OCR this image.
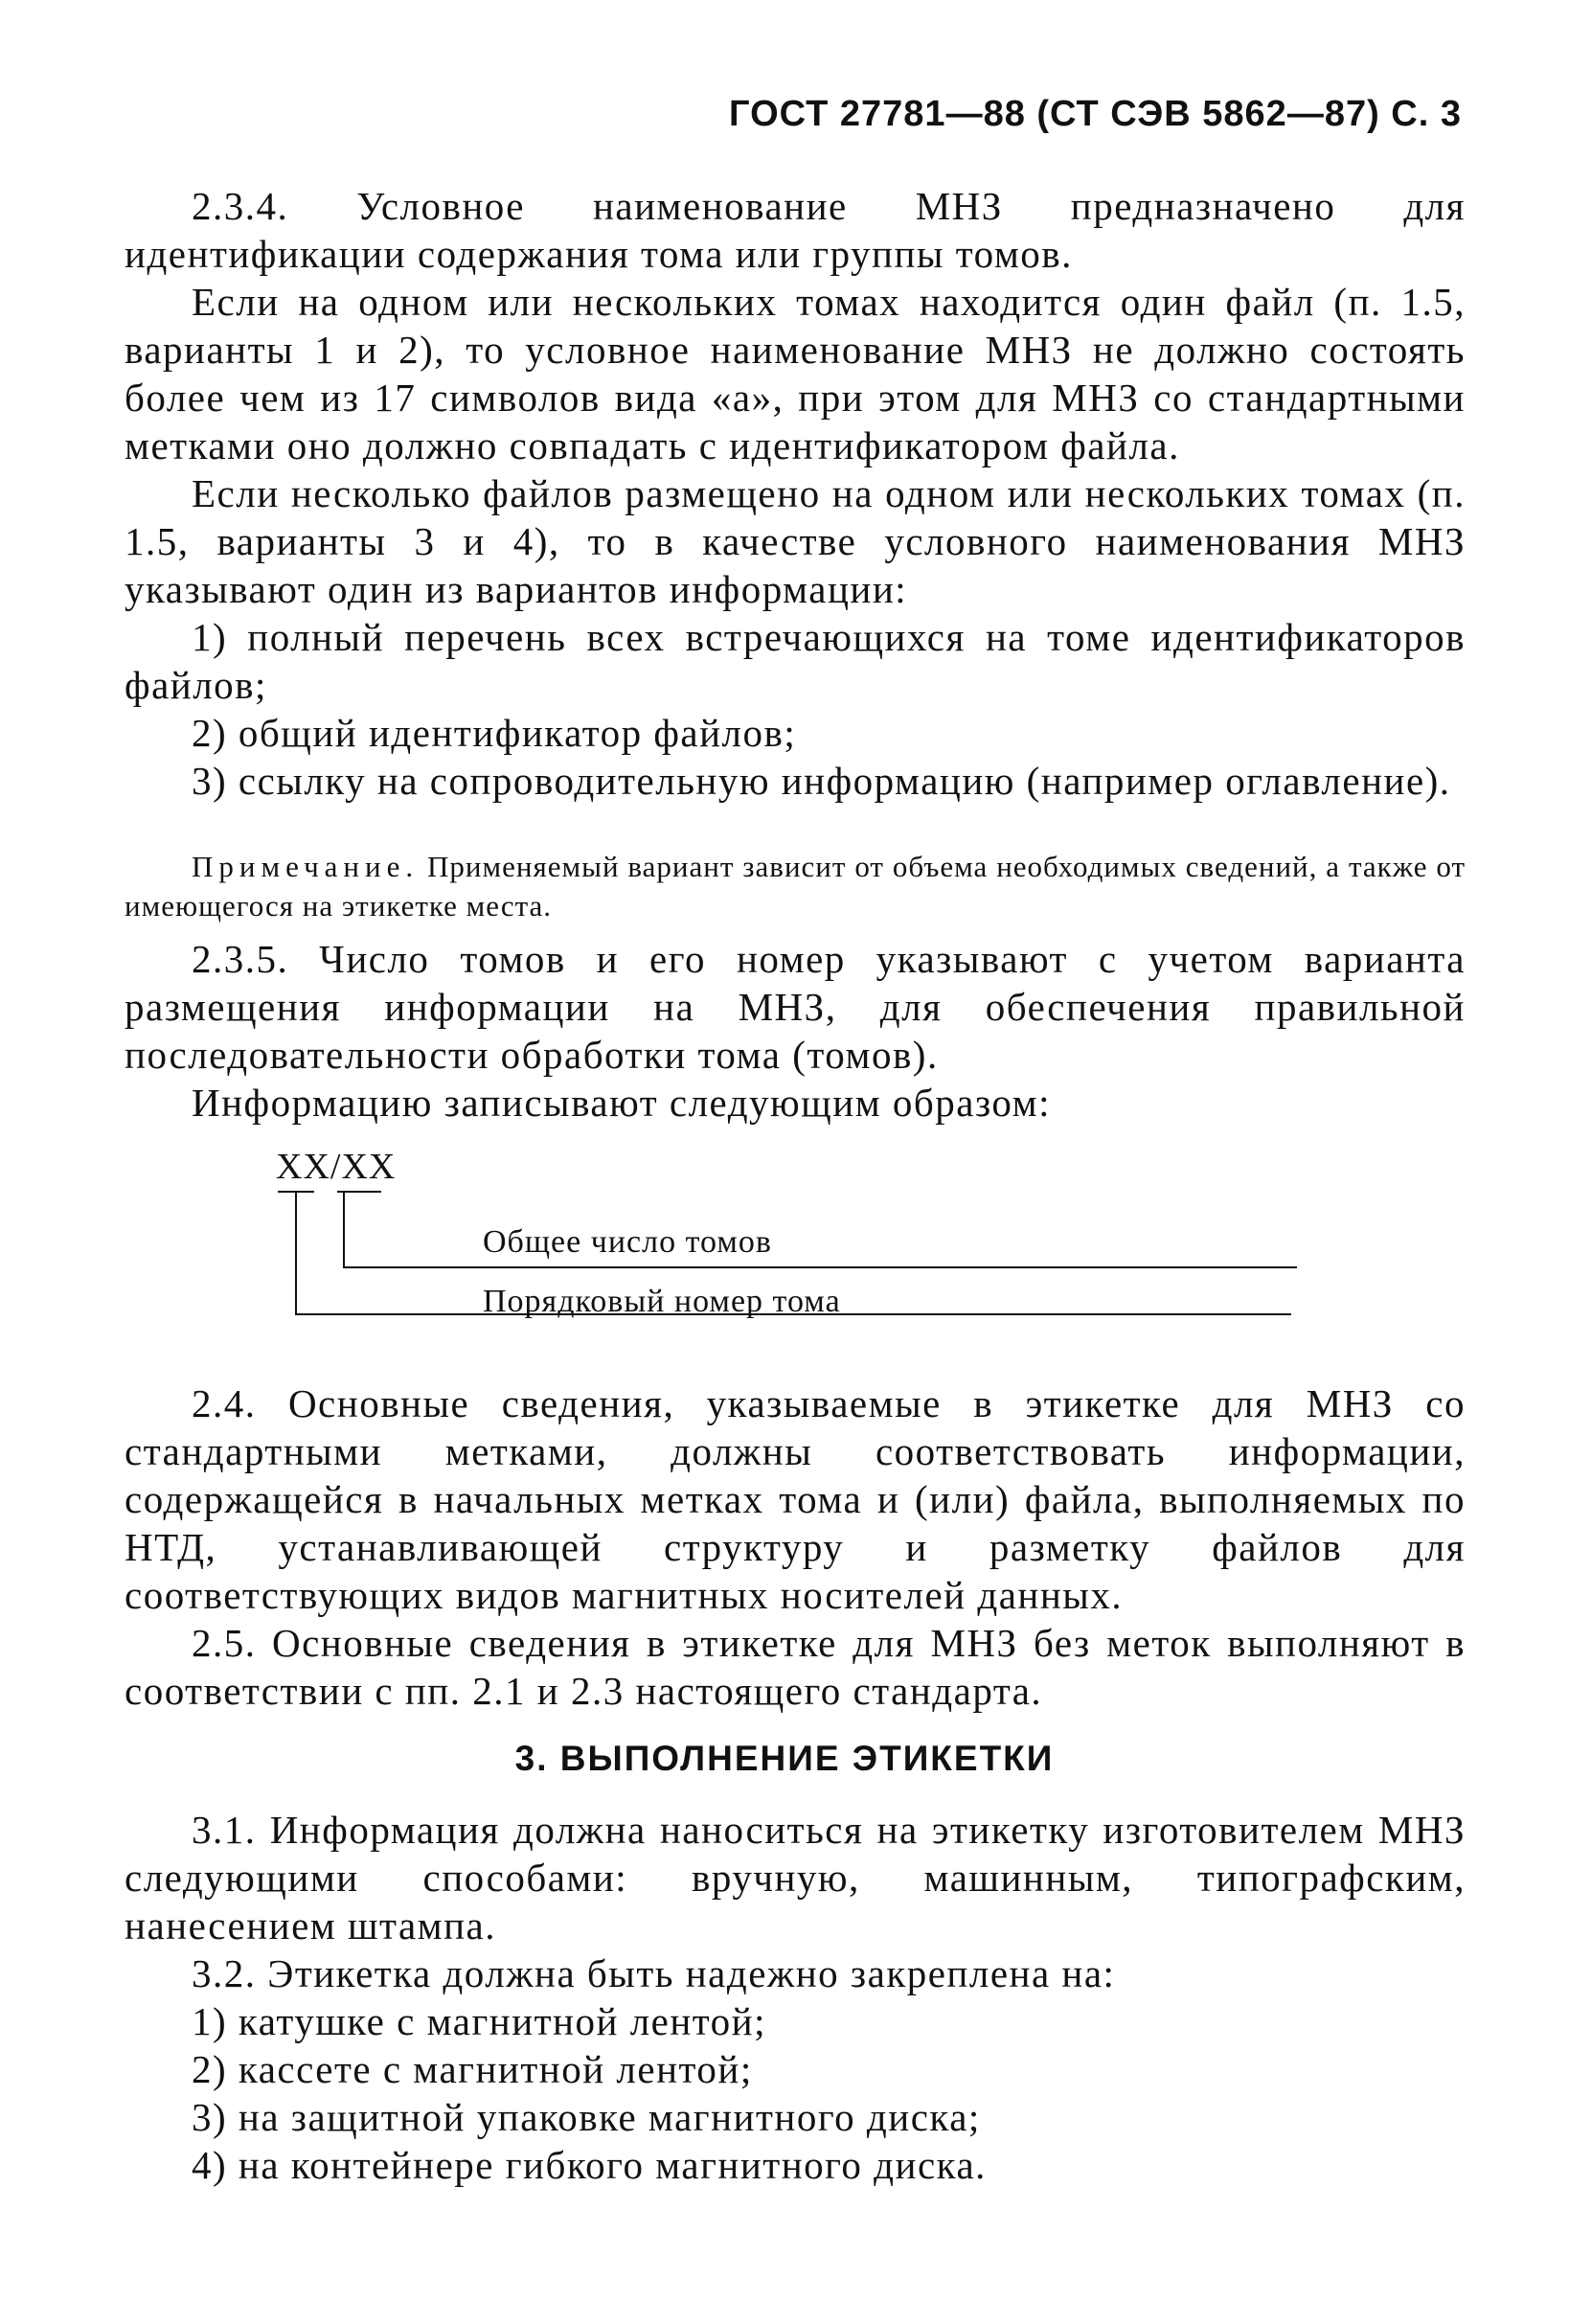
ГОСТ 27781—88 (СТ СЭВ 5862—87) С. 3

2.3.4. Условное наименование МНЗ предназначено для идентификации содержания тома или группы томов.

Если на одном или нескольких томах находится один файл (п. 1.5, варианты 1 и 2), то условное наименование МНЗ не должно состоять более чем из 17 символов вида «а», при этом для МНЗ со стандартными метками оно должно совпадать с идентификатором файла.

Если несколько файлов размещено на одном или нескольких томах (п. 1.5, варианты 3 и 4), то в качестве условного наименования МНЗ указывают один из вариантов информации:

1) полный перечень всех встречающихся на томе идентификаторов файлов;

2) общий идентификатор файлов;

3) ссылку на сопроводительную информацию (например оглавление).

Примечание. Применяемый вариант зависит от объема необходимых сведений, а также от имеющегося на этикетке места.

2.3.5. Число томов и его номер указывают с учетом варианта размещения информации на МНЗ, для обеспечения правильной последовательности обработки тома (томов).

Информацию записывают следующим образом:

XX/XX
Общее число томов
Порядковый номер тома

2.4. Основные сведения, указываемые в этикетке для МНЗ со стандартными метками, должны соответствовать информации, содержащейся в начальных метках тома и (или) файла, выполняемых по НТД, устанавливающей структуру и разметку файлов для соответствующих видов магнитных носителей данных.

2.5. Основные сведения в этикетке для МНЗ без меток выполняют в соответствии с пп. 2.1 и 2.3 настоящего стандарта.

3. ВЫПОЛНЕНИЕ ЭТИКЕТКИ

3.1. Информация должна наноситься на этикетку изготовителем МНЗ следующими способами: вручную, машинным, типографским, нанесением штампа.

3.2. Этикетка должна быть надежно закреплена на:

1) катушке с магнитной лентой;

2) кассете с магнитной лентой;

3) на защитной упаковке магнитного диска;

4) на контейнере гибкого магнитного диска.
